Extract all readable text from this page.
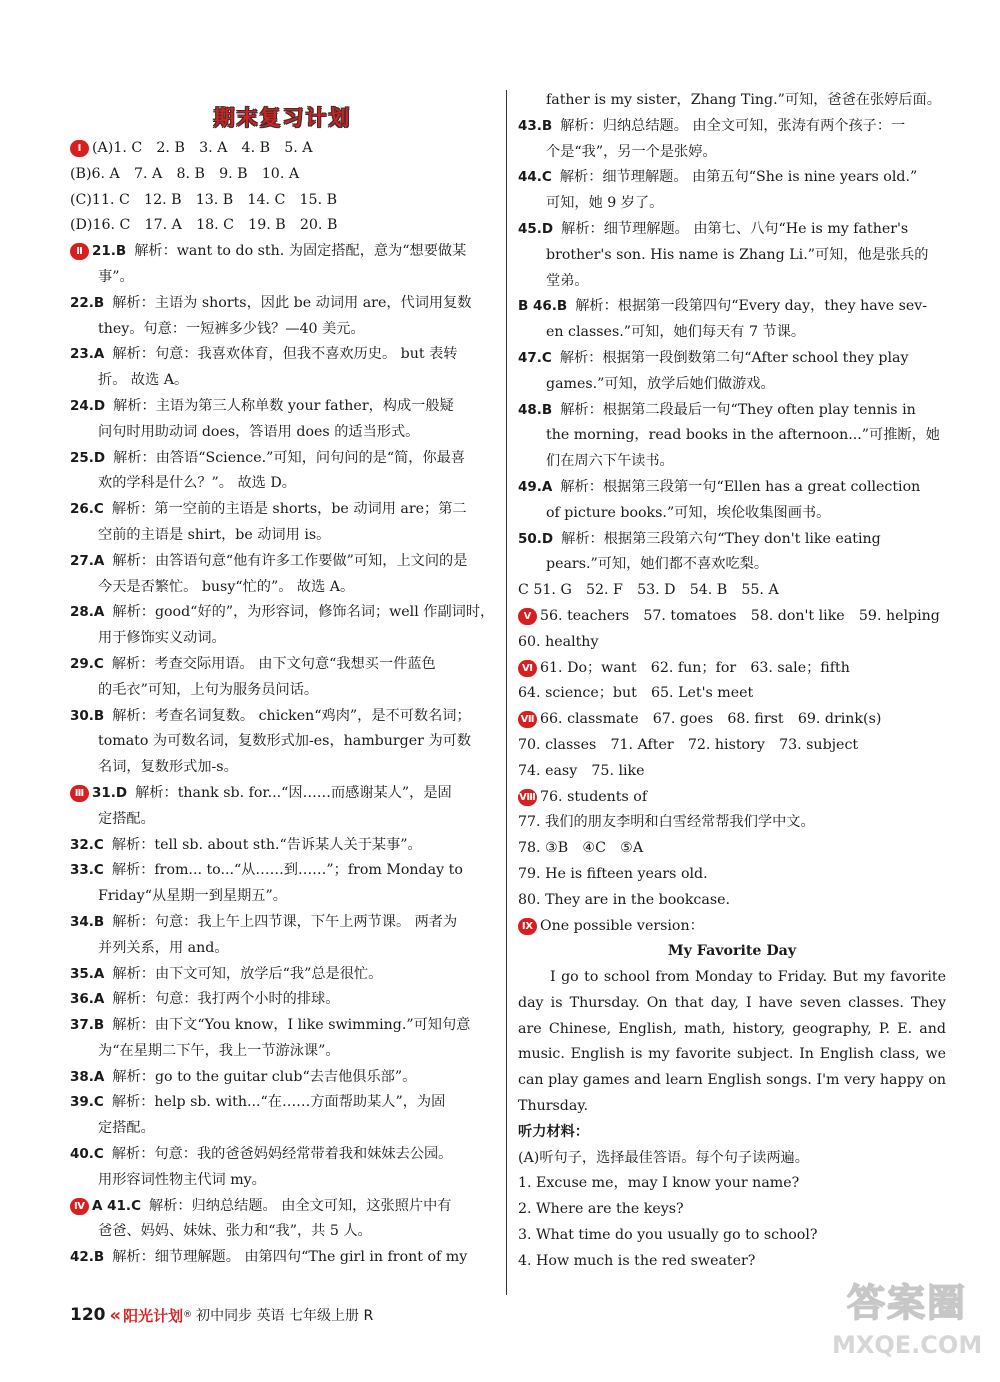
期末复习计划
Ⅰ (A)1. C　2. B　3. A　4. B　5. A
(B)6. A　7. A　8. B　9. B　10. A
(C)11. C　12. B　13. B　14. C　15. B
(D)16. C　17. A　18. C　19. B　20. B
Ⅱ 21.B 解析：want to do sth. 为固定搭配，意为“想要做某
事”。
22.B 解析：主语为 shorts，因此 be 动词用 are，代词用复数
they。句意：一短裤多少钱？—40 美元。
23.A 解析：句意：我喜欢体育，但我不喜欢历史。 but 表转
折。 故选 A。
24.D 解析：主语为第三人称单数 your father，构成一般疑
问句时用助动词 does，答语用 does 的适当形式。
25.D 解析：由答语“Science.”可知，问句问的是“简，你最喜
欢的学科是什么？”。 故选 D。
26.C 解析：第一空前的主语是 shorts，be 动词用 are；第二
空前的主语是 shirt，be 动词用 is。
27.A 解析：由答语句意“他有许多工作要做”可知，上文问的是
今天是否繁忙。 busy“忙的”。 故选 A。
28.A 解析：good“好的”，为形容词，修饰名词；well 作副词时，
用于修饰实义动词。
29.C 解析：考查交际用语。 由下文句意“我想买一件蓝色
的毛衣”可知，上句为服务员问话。
30.B 解析：考查名词复数。 chicken“鸡肉”，是不可数名词；
tomato 为可数名词，复数形式加-es，hamburger 为可数
名词，复数形式加-s。
Ⅲ 31.D 解析：thank sb. for...“因……而感谢某人”，是固
定搭配。
32.C 解析：tell sb. about sth.“告诉某人关于某事”。
33.C 解析：from... to...“从……到……”；from Monday to
Friday“从星期一到星期五”。
34.B 解析：句意：我上午上四节课，下午上两节课。 两者为
并列关系，用 and。
35.A 解析：由下文可知，放学后“我”总是很忙。
36.A 解析：句意：我打两个小时的排球。
37.B 解析：由下文“You know，I like swimming.”可知句意
为“在星期二下午，我上一节游泳课”。
38.A 解析：go to the guitar club“去吉他俱乐部”。
39.C 解析：help sb. with...“在……方面帮助某人”，为固
定搭配。
40.C 解析：句意：我的爸爸妈妈经常带着我和妹妹去公园。
用形容词性物主代词 my。
Ⅳ A 41.C 解析：归纳总结题。 由全文可知，这张照片中有
爸爸、妈妈、妹妹、张力和“我”，共 5 人。
42.B 解析：细节理解题。 由第四句“The girl in front of my
father is my sister，Zhang Ting.”可知，爸爸在张婷后面。
43.B 解析：归纳总结题。 由全文可知，张涛有两个孩子：一
个是“我”，另一个是张婷。
44.C 解析：细节理解题。 由第五句“She is nine years old.”
可知，她 9 岁了。
45.D 解析：细节理解题。 由第七、八句“He is my father's
brother's son. His name is Zhang Li.”可知，他是张兵的
堂弟。
B 46.B 解析：根据第一段第四句“Every day，they have sev-
en classes.”可知，她们每天有 7 节课。
47.C 解析：根据第一段倒数第二句“After school they play
games.”可知，放学后她们做游戏。
48.B 解析：根据第二段最后一句“They often play tennis in
the morning，read books in the afternoon...”可推断，她
们在周六下午读书。
49.A 解析：根据第三段第一句“Ellen has a great collection
of picture books.”可知，埃伦收集图画书。
50.D 解析：根据第三段第六句“They don't like eating
pears.”可知，她们都不喜欢吃梨。
C 51. G　52. F　53. D　54. B　55. A
Ⅴ 56. teachers　57. tomatoes　58. don't like　59. helping
60. healthy
Ⅵ 61. Do；want　62. fun；for　63. sale；fifth
64. science；but　65. Let's meet
Ⅶ 66. classmate　67. goes　68. first　69. drink(s)
70. classes　71. After　72. history　73. subject
74. easy　75. like
Ⅷ 76. students of
77. 我们的朋友李明和白雪经常帮我们学中文。
78. ③B　④C　⑤A
79. He is fifteen years old.
80. They are in the bookcase.
Ⅸ One possible version：
My Favorite Day

I go to school from Monday to Friday. But my favorite day is Thursday. On that day, I have seven classes. They are Chinese, English, math, history, geography, P. E. and music. English is my favorite subject. In English class, we can play games and learn English songs. I'm very happy on Thursday.

听力材料：
(A)听句子，选择最佳答语。每个句子读两遍。
1. Excuse me，may I know your name?
2. Where are the keys?
3. What time do you usually go to school?
4. How much is the red sweater?
120 « 阳光计划 ® 初中同步 英语 七年级上册 R	答案圈
MXQE.COM
